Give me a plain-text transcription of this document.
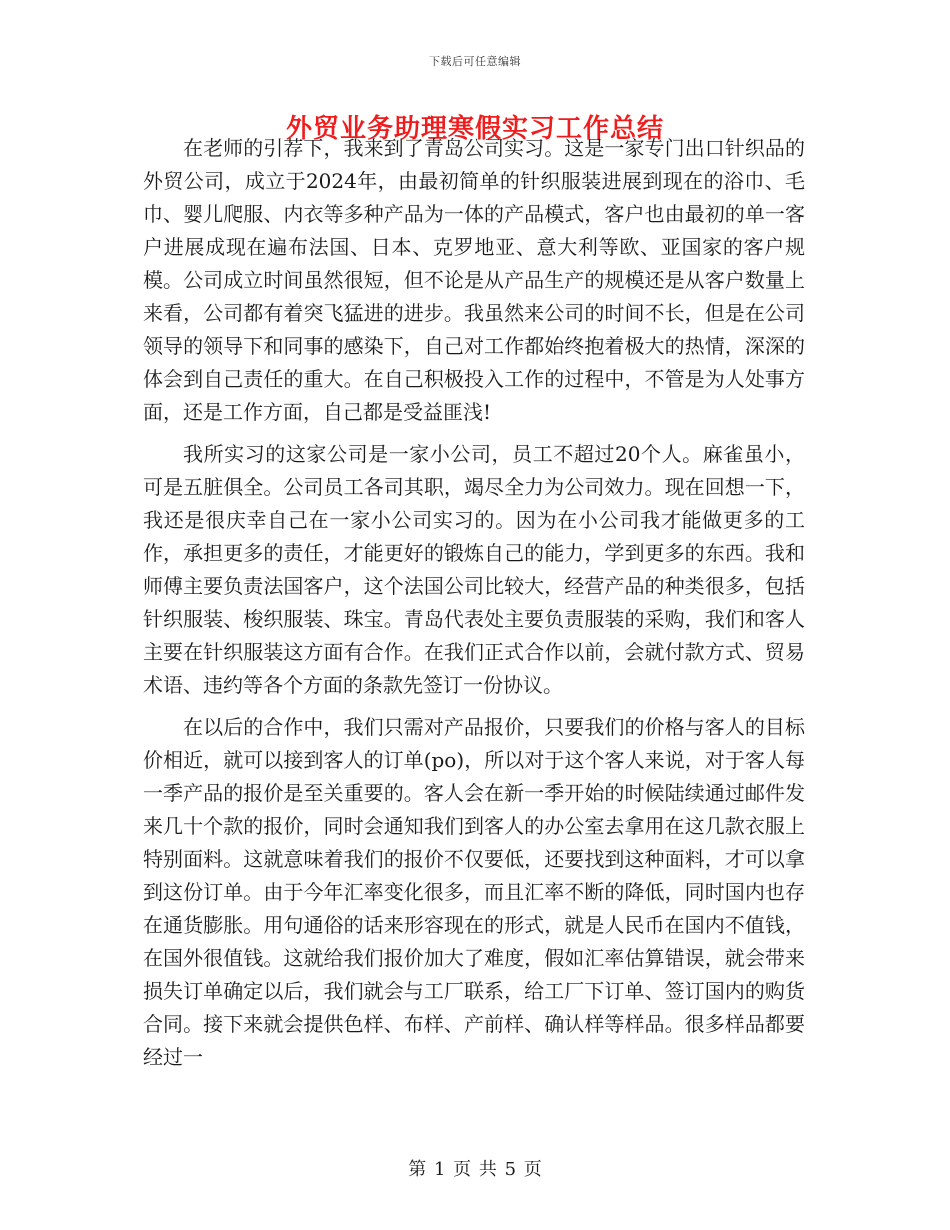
下载后可任意编辑
外贸业务助理寒假实习工作总结

在老师的引荐下，我来到了青岛公司实习。这是一家专门出口针织品的外贸公司，成立于2024年，由最初简单的针织服装进展到现在的浴巾、毛巾、婴儿爬服、内衣等多种产品为一体的产品模式，客户也由最初的单一客户进展成现在遍布法国、日本、克罗地亚、意大利等欧、亚国家的客户规模。公司成立时间虽然很短，但不论是从产品生产的规模还是从客户数量上来看，公司都有着突飞猛进的进步。我虽然来公司的时间不长，但是在公司领导的领导下和同事的感染下，自己对工作都始终抱着极大的热情，深深的体会到自己责任的重大。在自己积极投入工作的过程中，不管是为人处事方面，还是工作方面，自己都是受益匪浅!

我所实习的这家公司是一家小公司，员工不超过20个人。麻雀虽小，可是五脏俱全。公司员工各司其职，竭尽全力为公司效力。现在回想一下，我还是很庆幸自己在一家小公司实习的。因为在小公司我才能做更多的工作，承担更多的责任，才能更好的锻炼自己的能力，学到更多的东西。我和师傅主要负责法国客户，这个法国公司比较大，经营产品的种类很多，包括针织服装、梭织服装、珠宝。青岛代表处主要负责服装的采购，我们和客人主要在针织服装这方面有合作。在我们正式合作以前，会就付款方式、贸易术语、违约等各个方面的条款先签订一份协议。

在以后的合作中，我们只需对产品报价，只要我们的价格与客人的目标价相近，就可以接到客人的订单(po)，所以对于这个客人来说，对于客人每一季产品的报价是至关重要的。客人会在新一季开始的时候陆续通过邮件发来几十个款的报价，同时会通知我们到客人的办公室去拿用在这几款衣服上特别面料。这就意味着我们的报价不仅要低，还要找到这种面料，才可以拿到这份订单。由于今年汇率变化很多，而且汇率不断的降低，同时国内也存在通货膨胀。用句通俗的话来形容现在的形式，就是人民币在国内不值钱，在国外很值钱。这就给我们报价加大了难度，假如汇率估算错误，就会带来损失订单确定以后，我们就会与工厂联系，给工厂下订单、签订国内的购货合同。接下来就会提供色样、布样、产前样、确认样等样品。很多样品都要经过一

第 1 页 共 5 页
